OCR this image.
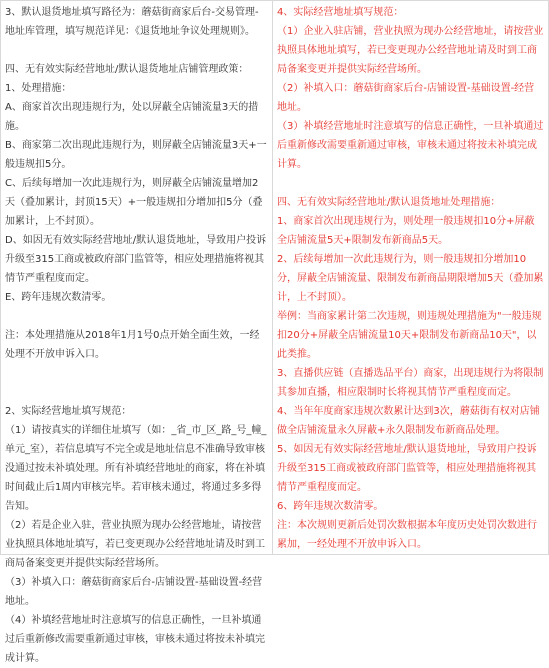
3、默认退货地址填写路径为：蘑菇街商家后台-交易管理-地址库管理，填写规范详见：《退货地址争议处理规则》。

四、无有效实际经营地址/默认退货地址店铺管理政策：

1、处理措施：

A、商家首次出现违规行为，处以屏蔽全店铺流量3天的措施。

B、商家第二次出现此违规行为，则屏蔽全店铺流量3天+一般违规扣5分。

C、后续每增加一次此违规行为，则屏蔽全店铺流量增加2天（叠加累计，封顶15天）+一般违规扣分增加扣5分（叠加累计，上不封顶）。

D、如因无有效实际经营地址/默认退货地址，导致用户投诉升级至315工商或被政府部门监管等，相应处理措施将视其情节严重程度而定。

E、跨年违规次数清零。

注：本处理措施从2018年1月1号0点开始全面生效，一经处理不开放申诉入口。

2、实际经营地址填写规范：

（1）请按真实的详细住址填写（如：_省_市_区_路_号_幢_单元_室），若信息填写不完全或是地址信息不准确导致审核没通过按未补填处理。所有补填经营地址的商家，将在补填时间截止后1周内审核完毕。若审核未通过，将通过多多得告知。

（2）若是企业入驻，营业执照为现办公经营地址，请按营业执照具体地址填写，若已变更现办公经营地址请及时到工商局备案变更并提供实际经营场所。

（3）补填入口：蘑菇街商家后台-店铺设置-基础设置-经营地址。

（4）补填经营地址时注意填写的信息正确性，一旦补填通过后重新修改需要重新通过审核，审核未通过将按未补填完成计算。

4、实际经营地址填写规范：

（1）企业入驻店铺，营业执照为现办公经营地址，请按营业执照具体地址填写，若已变更现办公经营地址请及时到工商局备案变更并提供实际经营场所。

（2）补填入口：蘑菇街商家后台-店铺设置-基础设置-经营地址。

（3）补填经营地址时注意填写的信息正确性，一旦补填通过后重新修改需要重新通过审核，审核未通过将按未补填完成计算。

四、无有效实际经营地址/默认退货地址处理措施：

1、商家首次出现违规行为，则处理一般违规扣10分+屏蔽全店铺流量5天+限制发布新商品5天。

2、后续每增加一次此违规行为，则一般违规扣分增加10分，屏蔽全店铺流量、限制发布新商品期限增加5天（叠加累计，上不封顶）。

举例：当商家累计第二次违规，则违规处理措施为"一般违规扣20分+屏蔽全店铺流量10天+限制发布新商品10天"，以此类推。

3、直播供应链（直播选品平台）商家，出现违规行为将限制其参加直播，相应限制时长将视其情节严重程度而定。

4、当年年度商家违规次数累计达到3次，蘑菇街有权对店铺做全店铺流量永久屏蔽+永久限制发布新商品处理。

5、如因无有效实际经营地址/默认退货地址，导致用户投诉升级至315工商或被政府部门监管等，相应处理措施将视其情节严重程度而定。

6、跨年违规次数清零。

注：本次规则更新后处罚次数根据本年度历史处罚次数进行累加，一经处理不开放申诉入口。
